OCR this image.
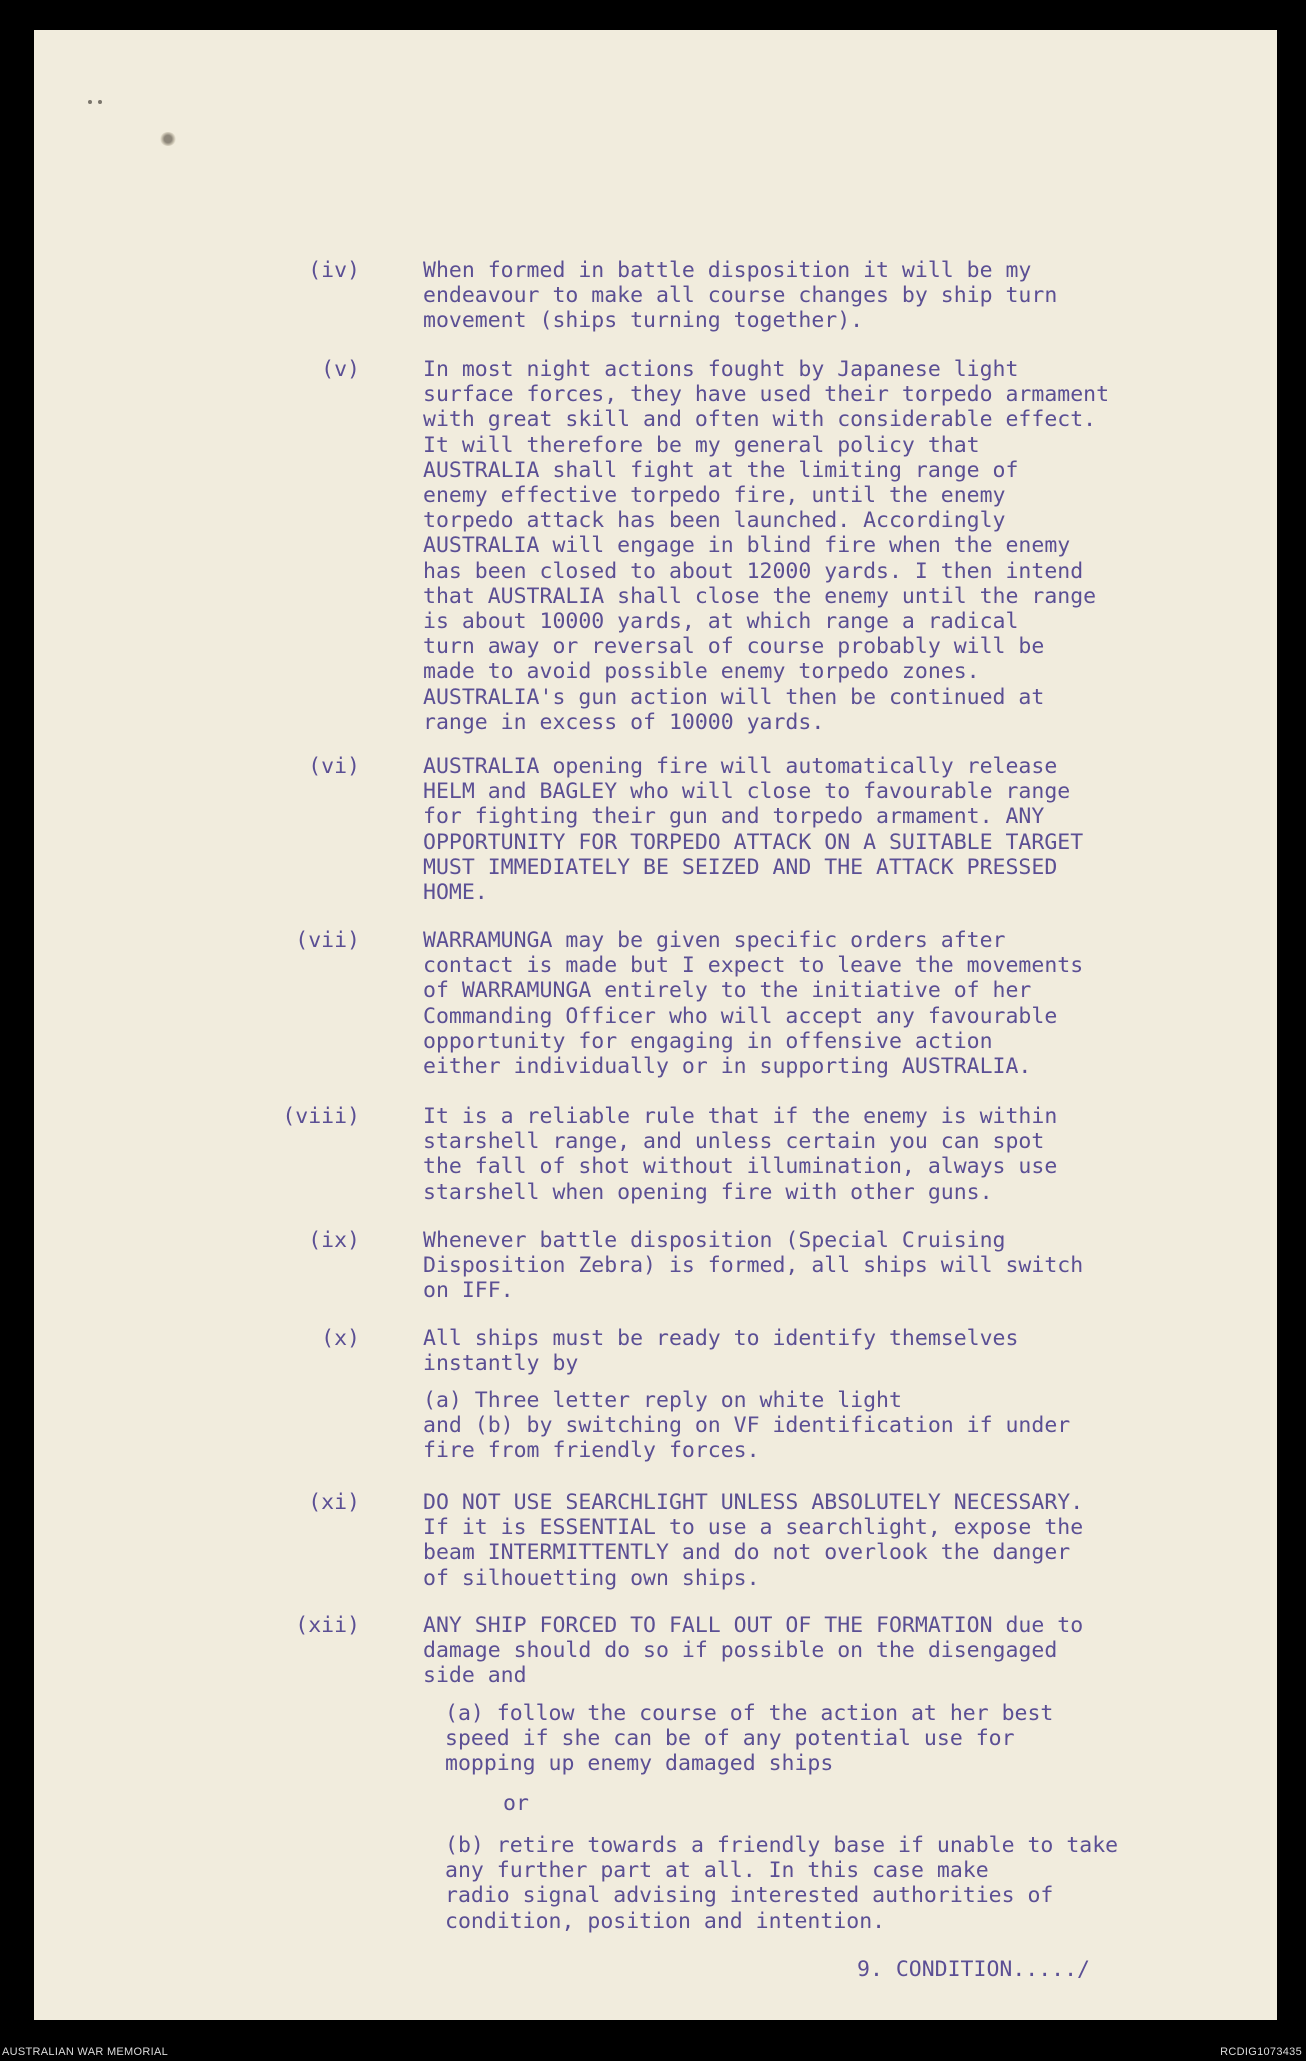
(iv)	When formed in battle disposition it will be my
endeavour to make all course changes by ship turn
movement (ships turning together).
(v)	In most night actions fought by Japanese light
surface forces, they have used their torpedo armament
with great skill and often with considerable effect.
It will therefore be my general policy that
AUSTRALIA shall fight at the limiting range of
enemy effective torpedo fire, until the enemy
torpedo attack has been launched. Accordingly
AUSTRALIA will engage in blind fire when the enemy
has been closed to about 12000 yards. I then intend
that AUSTRALIA shall close the enemy until the range
is about 10000 yards, at which range a radical
turn away or reversal of course probably will be
made to avoid possible enemy torpedo zones.
AUSTRALIA's gun action will then be continued at
range in excess of 10000 yards.
(vi)	AUSTRALIA opening fire will automatically release
HELM and BAGLEY who will close to favourable range
for fighting their gun and torpedo armament. ANY
OPPORTUNITY FOR TORPEDO ATTACK ON A SUITABLE TARGET
MUST IMMEDIATELY BE SEIZED AND THE ATTACK PRESSED
HOME.
(vii)	WARRAMUNGA may be given specific orders after
contact is made but I expect to leave the movements
of WARRAMUNGA entirely to the initiative of her
Commanding Officer who will accept any favourable
opportunity for engaging in offensive action
either individually or in supporting AUSTRALIA.
(viii)	It is a reliable rule that if the enemy is within
starshell range, and unless certain you can spot
the fall of shot without illumination, always use
starshell when opening fire with other guns.
(ix)	Whenever battle disposition (Special Cruising
Disposition Zebra) is formed, all ships will switch
on IFF.
(x)	All ships must be ready to identify themselves
instantly by
(a) Three letter reply on white light
and (b) by switching on VF identification if under
fire from friendly forces.
(xi)	DO NOT USE SEARCHLIGHT UNLESS ABSOLUTELY NECESSARY.
If it is ESSENTIAL to use a searchlight, expose the
beam INTERMITTENTLY and do not overlook the danger
of silhouetting own ships.
(xii)	ANY SHIP FORCED TO FALL OUT OF THE FORMATION due to
damage should do so if possible on the disengaged
side and
(a) follow the course of the action at her best
speed if she can be of any potential use for
mopping up enemy damaged ships
or
(b) retire towards a friendly base if unable to take
any further part at all. In this case make
radio signal advising interested authorities of
condition, position and intention.
9. CONDITION...../
AUSTRALIAN WAR MEMORIAL	RCDIG1073435
